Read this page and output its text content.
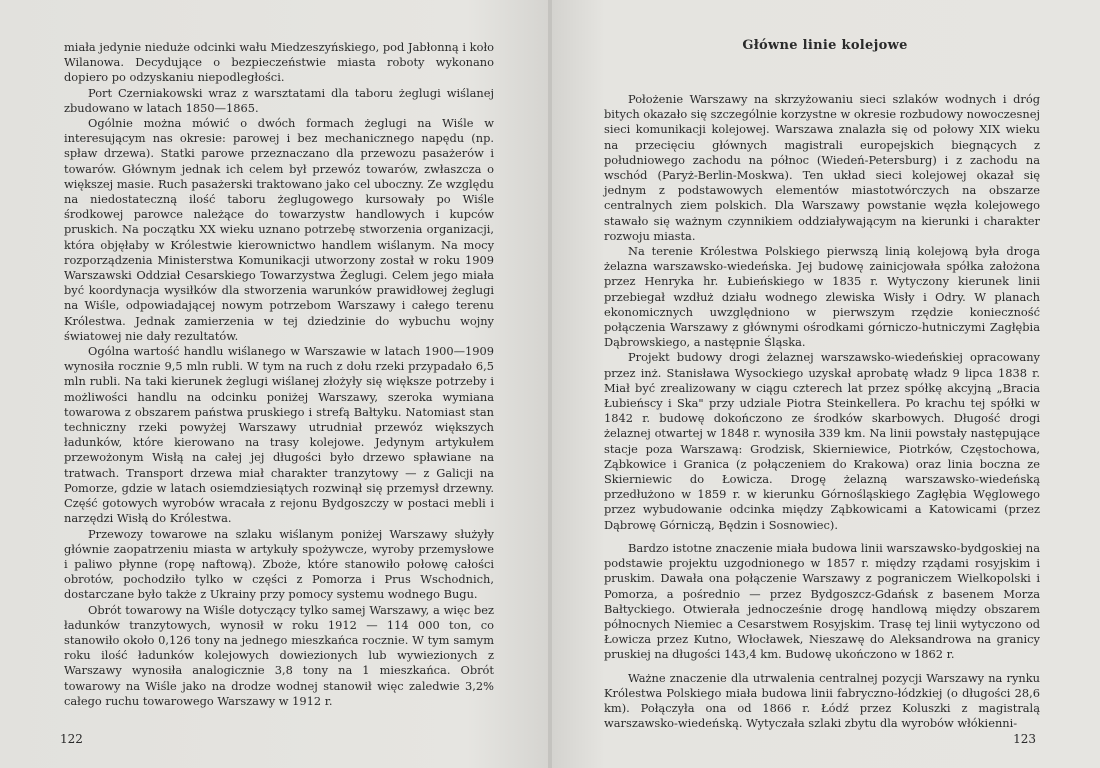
miała jedynie nieduże odcinki wału Miedzeszyńskiego, pod Jabłonną i koło Wilanowa. Decydujące o bezpieczeństwie miasta roboty wykonano dopiero po odzyskaniu niepodległości.

Port Czerniakowski wraz z warsztatami dla taboru żeglugi wiślanej zbudowano w latach 1850—1865.

Ogólnie można mówić o dwóch formach żeglugi na Wiśle w interesującym nas okresie: parowej i bez mechanicznego napędu (np. spław drzewa). Statki parowe przeznaczano dla przewozu pasażerów i towarów. Głównym jednak ich celem był przewóz towarów, zwłaszcza o większej masie. Ruch pasażerski traktowano jako cel uboczny. Ze względu na niedostateczną ilość taboru żeglugowego kursowały po Wiśle środkowej parowce należące do towarzystw handlowych i kupców pruskich. Na początku XX wieku uznano potrzebę stworzenia organizacji, która objęłaby w Królestwie kierownictwo handlem wiślanym. Na mocy rozporządzenia Ministerstwa Komunikacji utworzony został w roku 1909 Warszawski Oddział Cesarskiego Towarzystwa Żeglugi. Celem jego miała być koordynacja wysiłków dla stworzenia warunków prawidłowej żeglugi na Wiśle, odpowiadającej nowym potrzebom Warszawy i całego terenu Królestwa. Jednak zamierzenia w tej dziedzinie do wybuchu wojny światowej nie dały rezultatów.

Ogólna wartość handlu wiślanego w Warszawie w latach 1900—1909 wynosiła rocznie 9,5 mln rubli. W tym na ruch z dołu rzeki przypadało 6,5 mln rubli. Na taki kierunek żeglugi wiślanej złożyły się większe potrzeby i możliwości handlu na odcinku poniżej Warszawy, szeroka wymiana towarowa z obszarem państwa pruskiego i strefą Bałtyku. Natomiast stan techniczny rzeki powyżej Warszawy utrudniał przewóz większych ładunków, które kierowano na trasy kolejowe. Jedynym artykułem przewożonym Wisłą na całej jej długości było drzewo spławiane na tratwach. Transport drzewa miał charakter tranzytowy — z Galicji na Pomorze, gdzie w latach osiemdziesiątych rozwinął się przemysł drzewny. Część gotowych wyrobów wracała z rejonu Bydgoszczy w postaci mebli i narzędzi Wisłą do Królestwa.

Przewozy towarowe na szlaku wiślanym poniżej Warszawy służyły głównie zaopatrzeniu miasta w artykuły spożywcze, wyroby przemysłowe i paliwo płynne (ropę naftową). Zboże, które stanowiło połowę całości obrotów, pochodziło tylko w części z Pomorza i Prus Wschodnich, dostarczane było także z Ukrainy przy pomocy systemu wodnego Bugu.

Obrót towarowy na Wiśle dotyczący tylko samej Warszawy, a więc bez ładunków tranzytowych, wynosił w roku 1912 — 114 000 ton, co stanowiło około 0,126 tony na jednego mieszkańca rocznie. W tym samym roku ilość ładunków kolejowych dowiezionych lub wywiezionych z Warszawy wynosiła analogicznie 3,8 tony na 1 mieszkańca. Obrót towarowy na Wiśle jako na drodze wodnej stanowił więc zaledwie 3,2% całego ruchu towarowego Warszawy w 1912 r.

122
Główne linie kolejowe

Położenie Warszawy na skrzyżowaniu sieci szlaków wodnych i dróg bitych okazało się szczególnie korzystne w okresie rozbudowy nowoczesnej sieci komunikacji kolejowej. Warszawa znalazła się od połowy XIX wieku na przecięciu głównych magistrali europejskich biegnących z południowego zachodu na północ (Wiedeń-Petersburg) i z zachodu na wschód (Paryż-Berlin-Moskwa). Ten układ sieci kolejowej okazał się jednym z podstawowych elementów miastotwórczych na obszarze centralnych ziem polskich. Dla Warszawy powstanie węzła kolejowego stawało się ważnym czynnikiem oddziaływającym na kierunki i charakter rozwoju miasta.

Na terenie Królestwa Polskiego pierwszą linią kolejową była droga żelazna warszawsko-wiedeńska. Jej budowę zainicjowała spółka założona przez Henryka hr. Łubieńskiego w 1835 r. Wytyczony kierunek linii przebiegał wzdłuż działu wodnego zlewiska Wisły i Odry. W planach ekonomicznych uwzględniono w pierwszym rzędzie konieczność połączenia Warszawy z głównymi ośrodkami górniczo-hutniczymi Zagłębia Dąbrowskiego, a następnie Śląska.

Projekt budowy drogi żelaznej warszawsko-wiedeńskiej opracowany przez inż. Stanisława Wysockiego uzyskał aprobatę władz 9 lipca 1838 r. Miał być zrealizowany w ciągu czterech lat przez spółkę akcyjną „Bracia Łubieńscy i Ska" przy udziale Piotra Steinkellera. Po krachu tej spółki w 1842 r. budowę dokończono ze środków skarbowych. Długość drogi żelaznej otwartej w 1848 r. wynosiła 339 km. Na linii powstały następujące stacje poza Warszawą: Grodzisk, Skierniewice, Piotrków, Częstochowa, Ząbkowice i Granica (z połączeniem do Krakowa) oraz linia boczna ze Skierniewic do Łowicza. Drogę żelazną warszawsko-wiedeńską przedłużono w 1859 r. w kierunku Górnośląskiego Zagłębia Węglowego przez wybudowanie odcinka między Ząbkowicami a Katowicami (przez Dąbrowę Górniczą, Będzin i Sosnowiec).

Bardzo istotne znaczenie miała budowa linii warszawsko-bydgoskiej na podstawie projektu uzgodnionego w 1857 r. między rządami rosyjskim i pruskim. Dawała ona połączenie Warszawy z pograniczem Wielkopolski i Pomorza, a pośrednio — przez Bydgoszcz-Gdańsk z basenem Morza Bałtyckiego. Otwierała jednocześnie drogę handlową między obszarem północnych Niemiec a Cesarstwem Rosyjskim. Trasę tej linii wytyczono od Łowicza przez Kutno, Włocławek, Nieszawę do Aleksandrowa na granicy pruskiej na długości 143,4 km. Budowę ukończono w 1862 r.

Ważne znaczenie dla utrwalenia centralnej pozycji Warszawy na rynku Królestwa Polskiego miała budowa linii fabryczno-łódzkiej (o długości 28,6 km). Połączyła ona od 1866 r. Łódź przez Koluszki z magistralą warszawsko-wiedeńską. Wytyczała szlaki zbytu dla wyrobów włókienni-

123
